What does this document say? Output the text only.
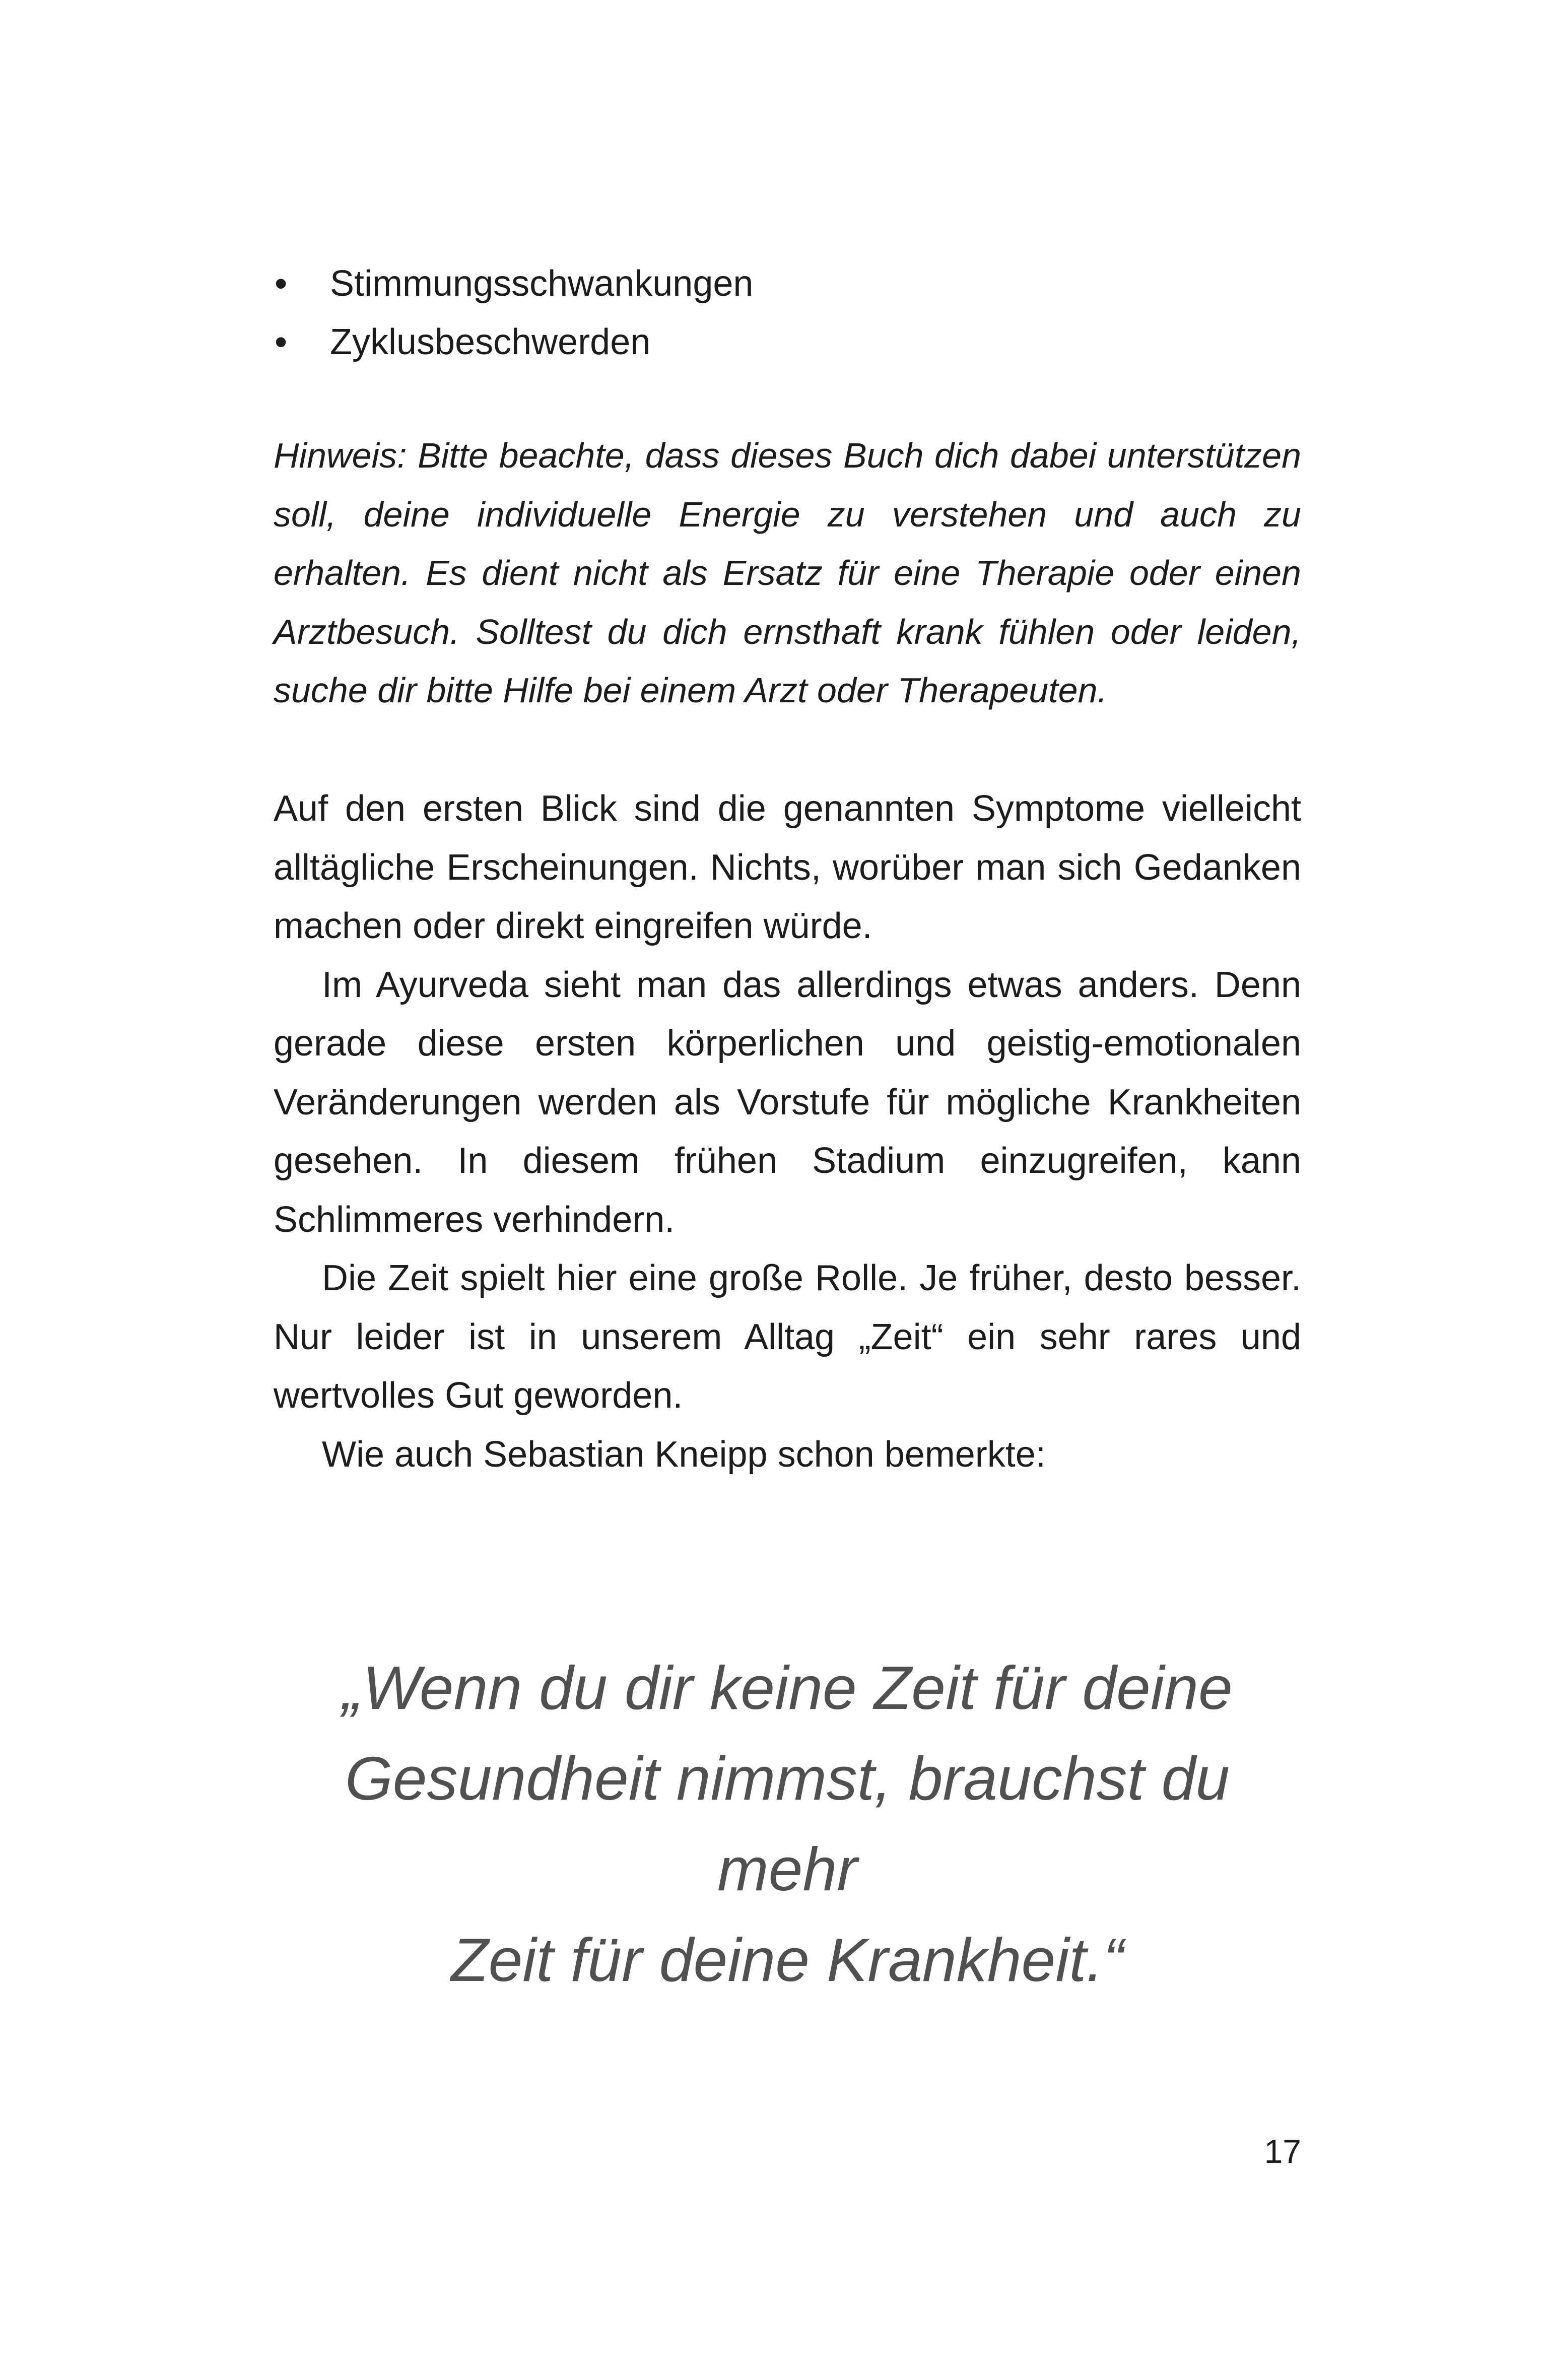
• Stimmungsschwankungen
• Zyklusbeschwerden

Hinweis: Bitte beachte, dass dieses Buch dich dabei unterstützen soll, deine individuelle Energie zu verstehen und auch zu erhalten. Es dient nicht als Ersatz für eine Therapie oder einen Arztbesuch. Solltest du dich ernsthaft krank fühlen oder leiden, suche dir bitte Hilfe bei einem Arzt oder Therapeuten.

Auf den ersten Blick sind die genannten Symptome vielleicht alltägliche Erscheinungen. Nichts, worüber man sich Gedanken machen oder direkt eingreifen würde.

Im Ayurveda sieht man das allerdings etwas anders. Denn gerade diese ersten körperlichen und geistig-emotionalen Veränderungen werden als Vorstufe für mögliche Krankheiten gesehen. In diesem frühen Stadium einzugreifen, kann Schlimmeres verhindern.

Die Zeit spielt hier eine große Rolle. Je früher, desto besser. Nur leider ist in unserem Alltag „Zeit“ ein sehr rares und wertvolles Gut geworden.

Wie auch Sebastian Kneipp schon bemerkte:

„Wenn du dir keine Zeit für deine
Gesundheit nimmst, brauchst du mehr
Zeit für deine Krankheit.“
17
